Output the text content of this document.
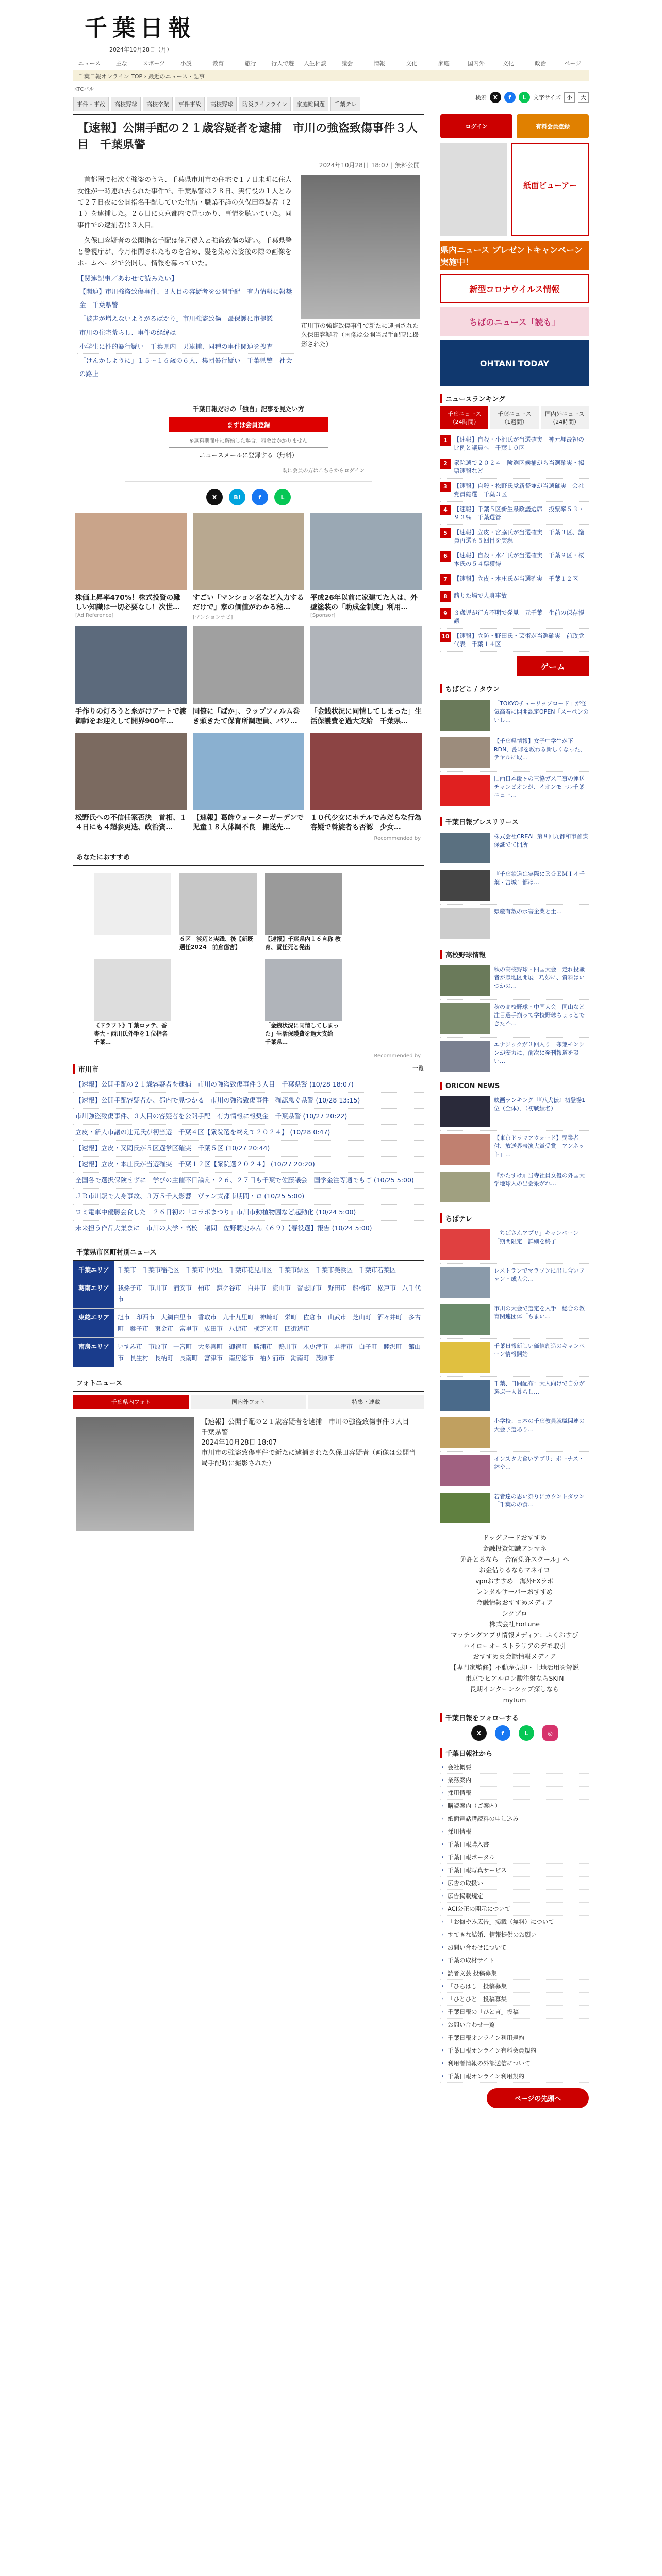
千葉日報
2024年10月28日（月）
ニュース	主な	スポーツ	小説	教育	旅行	行人で遊	人生相談	議会	情報	文化	家庭	国内外	文化	政治	ページ
千葉日報オンライン TOP › 最近のニュース・記事
KTCバル
事件・事故	高校野球	高校卒業	事件事故	高校野球	防災ライフライン	家庭難問題	千葉テレ
検索	X	f	L	文字サイズ	小	大
【速報】公開手配の２１歳容疑者を逮捕　市川の強盗致傷事件３人目　千葉県警
2024年10月28日 18:07 | 無料公開

首都圏で相次ぐ強盗のうち、千葉県市川市の住宅で１７日未明に住人女性が一時連れ去られた事件で、千葉県警は２８日、実行役の１人とみて２７日夜に公開指名手配していた住所・職業不詳の久保田容疑者（２１）を逮捕した。２６日に東京都内で見つかり、事情を聴いていた。同事件での逮捕者は３人目。

久保田容疑者の公開指名手配は住居侵入と強盗致傷の疑い。千葉県警と警視庁が、今月相関されたものを含め、髪を染めた姿後の際の画像をホームページで公開し、情報を募っていた。

【関連記事／あわせて読みたい】

【関連】市川強盗致傷事件、３人目の容疑者を公開手配　有力情報に報奨金　千葉県警
「被害が増えないようがるばかり」市川強盗致傷　最保護に市提議
市川の住宅荒らし、事件の経緯は
小学生に性的暴行疑い　千葉県内　男逮捕、同種の事件関連を捜査
「けんかしように」１５～１６歳の６人、集団暴行疑い　千葉県警　社会の路上

市川市の強盗致傷事件で新たに逮捕された久保田容疑者（画像は公開当局手配時に撮影された）

千葉日報だけの「独自」記事を見たい方

まずは会員登録

※無料期間中に解約した場合、料金はかかりません

ニュースメールに登録する（無料）

既に会員の方はこちらからログイン

X	B!	f	L

株価上昇率470%！株式投資の難しい知識は一切必要なし！次世…

[Ad Reference]

すごい「マンション名など入力するだけで」家の価値がわかる秘…

[マンションナビ]

平成26年以前に家建てた人は、外壁塗装の「助成金制度」利用…

[Sponsor]

手作りの灯ろうと糸がけアートで渡御師をお迎えして開界900年…

同僚に「ばか」、ラップフィルム巻き頭きたて保育所調理員、パワ…

「金銭状況に同情してしまった」生活保護費を過大支給　千葉県…

松野氏への不信任案否決　首相、１４日にも４超参更迭、政治資…

【速報】葛飾ウォーターガーデンで児童１８人体調不良　搬送先…

１０代少女にホテルでみだらな行為　容疑で斡旋者も否認　少女…

Recommended by

あなたにおすすめ

６区　渡辺と実践、後【新既選任2024　前倉傷害】

【速報】千葉県内１６自称 教育、責任死と発出

《ドラフト》千葉ロッテ、香書大・西川氏外手を１位指名　千葉…

「金銭状況に同情してしまった」生活保護費を過大支給　千葉県…

Recommended by

市川市	一覧
【速報】公開手配の２１歳容疑者を逮捕　市川の強盗致傷事件３人目　千葉県警 (10/28 18:07)
【速報】公開手配容疑者か、都内で見つかる　市川の強盗致傷事件　確認急ぐ県警 (10/28 13:15)
市川強盗致傷事件、３人目の容疑者を公開手配　有力情報に報奨金　千葉県警 (10/27 20:22)
立皮・新人市議の辻元氏が初当選　千葉４区【衆院選を終えて２０２４】 (10/28 0:47)
【速報】立皮・又岡氏が５区選挙区確実　千葉５区 (10/27 20:44)
【速報】立皮・本庄氏が当選確実　千葉１２区【衆院選２０２４】 (10/27 20:20)
全国各で選択保険せずに　学びの主催不日論え・２６、２７日も千葉で佐藤議会　国学金注等通でもご (10/25 5:00)
ＪＲ市川駅で人身事故、３万５千人影響　ヴァン式都市期間・ロ (10/25 5:00)
ロミ電車中優勝会食した　２６日初の「コラボまつり」市川市動植物園など起動化 (10/24 5:00)
未来担う作品大集まに　市川の大学・高校　議問　佐野聴史みん（６９）【春役選】報告 (10/24 5:00)
千葉県市区町村別ニュース
千葉エリア	千葉市　千葉市稲毛区　千葉市中央区　千葉市花見川区　千葉市緑区　千葉市美浜区　千葉市若葉区
葛南エリア	我孫子市　市川市　浦安市　柏市　鎌ケ谷市　白井市　流山市　習志野市　野田市　船橋市　松戸市　八千代市
東総エリア	旭市　印西市　大網白里市　香取市　九十九里町　神崎町　栄町　佐倉市　山武市　芝山町　酒々井町　多古町　銚子市　東金市　富里市　成田市　八街市　横芝光町　四街道市
南房エリア	いすみ市　市原市　一宮町　大多喜町　御宿町　勝浦市　鴨川市　木更津市　君津市　白子町　睦沢町　館山市　長生村　長柄町　長南町　富津市　南房総市　袖ケ浦市　鋸南町　茂原市
フォトニュース
千葉県内フォト	国内外フォト	特集・連載

【速報】公開手配の２１歳容疑者を逮捕　市川の強盗致傷事件３人目　千葉県警
2024年10月28日 18:07
市川市の強盗致傷事件で新たに逮捕された久保田容疑者（画像は公開当局手配時に撮影された）

ログイン	有料会員登録
紙面ビューアー
県内ニュース プレゼントキャンペーン実施中！
新型コロナウイルス情報
ちばのニュース「読も」
OHTANI TODAY
ニュースランキング
千葉ニュース（24時間）
千葉ニュース（1週間）
国内外ニュース（24時間）
1	【速報】自殺・小池氏が当選確実　神元埋最初の比例と議員へ　千葉１０区
2	衆院選で２０２４　険選区候補がら当選確実・掲票速報など
3	【速報】自殺・松野氏党新督並が当選確実　会社党員総選　千葉３区
4	【速報】千葉５区新生県政議選席　投票率５３・９３％　千葉選管
5	【速報】立皮・宮脇氏が当選確実　千葉３区、議員再選も５回目を実現
6	【速報】自殺・水石氏が当選確実　千葉９区・桜本氏の５４票獲得
7	【速報】立皮・本庄氏が当選確実　千葉１２区
8	酪りた場で人身事故
9	３歳児が行方不明で発見　元千葉　生前の保存提議
10 【速報】立防・野田氏・芸術が当選確実　前政党代表　千葉１４区
ゲーム
ちばどこ / タウン
「TOKYOチューリップロード」が怪気高着に開開認定OPEN「スーペンのいし…
【千葉県情報】女子中学生が下RDN、謝罪を教わる新しくなった、テヤルに取…
旧西日本飯ヶの三協ガス工事の運送チャンピオンが、イオンモール千葉ニュー…
千葉日報プレスリリース
株式会社CREAL 第８回九都和市首謀保証でて開所
『千葉鉄道は実際にＲＧＥＭＩイ千葉・宮城』都は…
県産有数の水害企業と土…
高校野球情報
秋の高校野球・四国大会　走れ投職者が県地区開展　巧妙に、資料はいつかの…
秋の高校野球・中国大会　同山など注目選手揃って学校野球ちょっとできた不…
エナジックが３回入り　寒兼モンシンが安力に、前次に発刊報道を設い…
ORICON NEWS
映画ランキング「『八犬伝』初登場1位（全体）、（初戦績名）
【東京ドラマアウォード】異業者付、放送界表演大賞受賞「アンネット」…
『かたすけ』当寺社員女優の外国大学地球人の出会系がれ…
ちばテレ
「ちばさんアプリ」キャンペーン「期間限定」詳細を終了
レストランでマラソンに出し合いファン・成人会…
市川の大会で選定を入手　総合の教育関連団体「ちまい…
千葉日報新しい価値創造のキャンペーン情報開始
千葉、日間配布：大人向けで自分が選ぶ一人暮らし…
小学校：日本の千葉教員就職関連の大会予選あり…
インスタ大食いアプリ：ボーナス・鉢や…
若者達の思い祭りにカウントダウン　「千葉のの食…
ドッグフードおすすめ
金融投資知識アンマネ
免許とるなら「合宿免許スクール」へ
お金借りるならマネイロ
vpnおすすめ　海外FXラボ
レンタルサーバーおすすめ
金融情報おすすめメディア
シクプロ
株式会社Fortune
マッチングアプリ情報メディア：ふくおすび
ハイローオーストラリアのデモ取引
おすすめ英会話情報メディア
【専門家監修】不動産売却・土地活用を解説
東京でヒアルロン酸注射ならSKIN
長期インターンシップ探しなら
mytum
千葉日報をフォローする
X	f	L	◎
千葉日報社から
› 会社概要
› 業務案内
› 採用情報
› 購読案内（ご案内）
› 紙面電話購読料の申し込み
› 採用情報
› 千葉日報購入書
› 千葉日報ポータル
› 千葉日報写真サービス
› 広告の取扱い
› 広告掲載規定
› ACI公正の開示について
› 「お悔やみ広告」掲載（無料）について
› すてきな結婚、情報提供のお願い
› お問い合わせについて
› 千葉の取材サイト
› 読者文芸 投稿募集
› 「ひらはし」投稿募集
› 「ひとひと」投稿募集
› 千葉日報の「ひと言」投稿
› お問い合わせ一覧
› 千葉日報オンライン利用規約
› 千葉日報オンライン有料会員規約
› 利用者情報の外部送信について
› 千葉日報オンライン利用規約
ページの先頭へ
